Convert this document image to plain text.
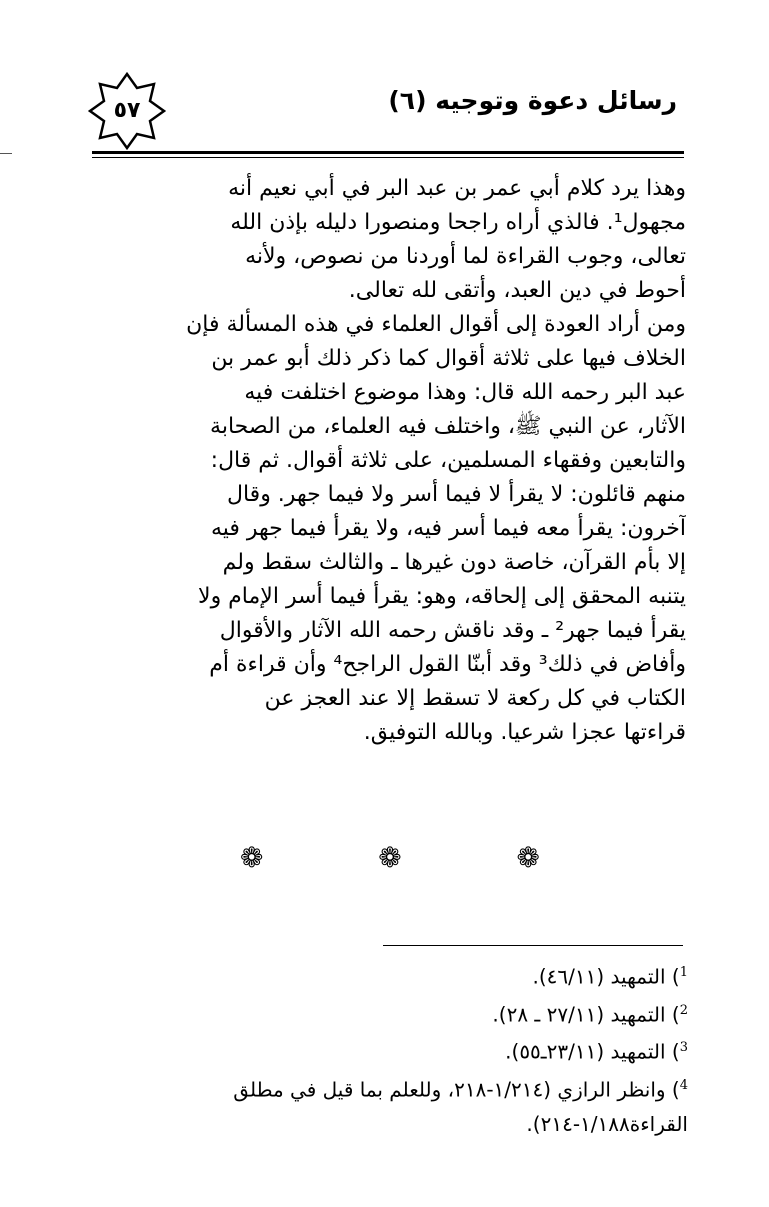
رسائل دعوة وتوجيه (٦)
٥٧
وهذا يرد كلام أبي عمر بن عبد البر في أبي نعيم أنه
مجهول¹. فالذي أراه راجحا ومنصورا دليله بإذن الله
تعالى، وجوب القراءة لما أوردنا من نصوص، ولأنه
أحوط في دين العبد، وأتقى لله تعالى.
ومن أراد العودة إلى أقوال العلماء في هذه المسألة فإن
الخلاف فيها على ثلاثة أقوال كما ذكر ذلك أبو عمر بن
عبد البر رحمه الله قال: وهذا موضوع اختلفت فيه
الآثار، عن النبي ﷺ، واختلف فيه العلماء، من الصحابة
والتابعين وفقهاء المسلمين، على ثلاثة أقوال. ثم قال:
منهم قائلون: لا يقرأ لا فيما أسر ولا فيما جهر. وقال
آخرون: يقرأ معه فيما أسر فيه، ولا يقرأ فيما جهر فيه
إلا بأم القرآن، خاصة دون غيرها ـ والثالث سقط ولم
يتنبه المحقق إلى إلحاقه، وهو: يقرأ فيما أسر الإمام ولا
يقرأ فيما جهر² ـ وقد ناقش رحمه الله الآثار والأقوال
وأفاض في ذلك³ وقد أبنّا القول الراجح⁴ وأن قراءة أم
الكتاب في كل ركعة لا تسقط إلا عند العجز عن
قراءتها عجزا شرعيا. وبالله التوفيق.
❁	❁	❁
$^1$) التمهيد (٤٦/١١).
$^2$) التمهيد (٢٧/١١ ـ ٢٨).
$^3$) التمهيد (٢٣/١١ـ٥٥).
$^4$) وانظر الرازي (١/٢١٤-٢١٨، وللعلم بما قيل في مطلق
القراءة١/١٨٨-٢١٤).
